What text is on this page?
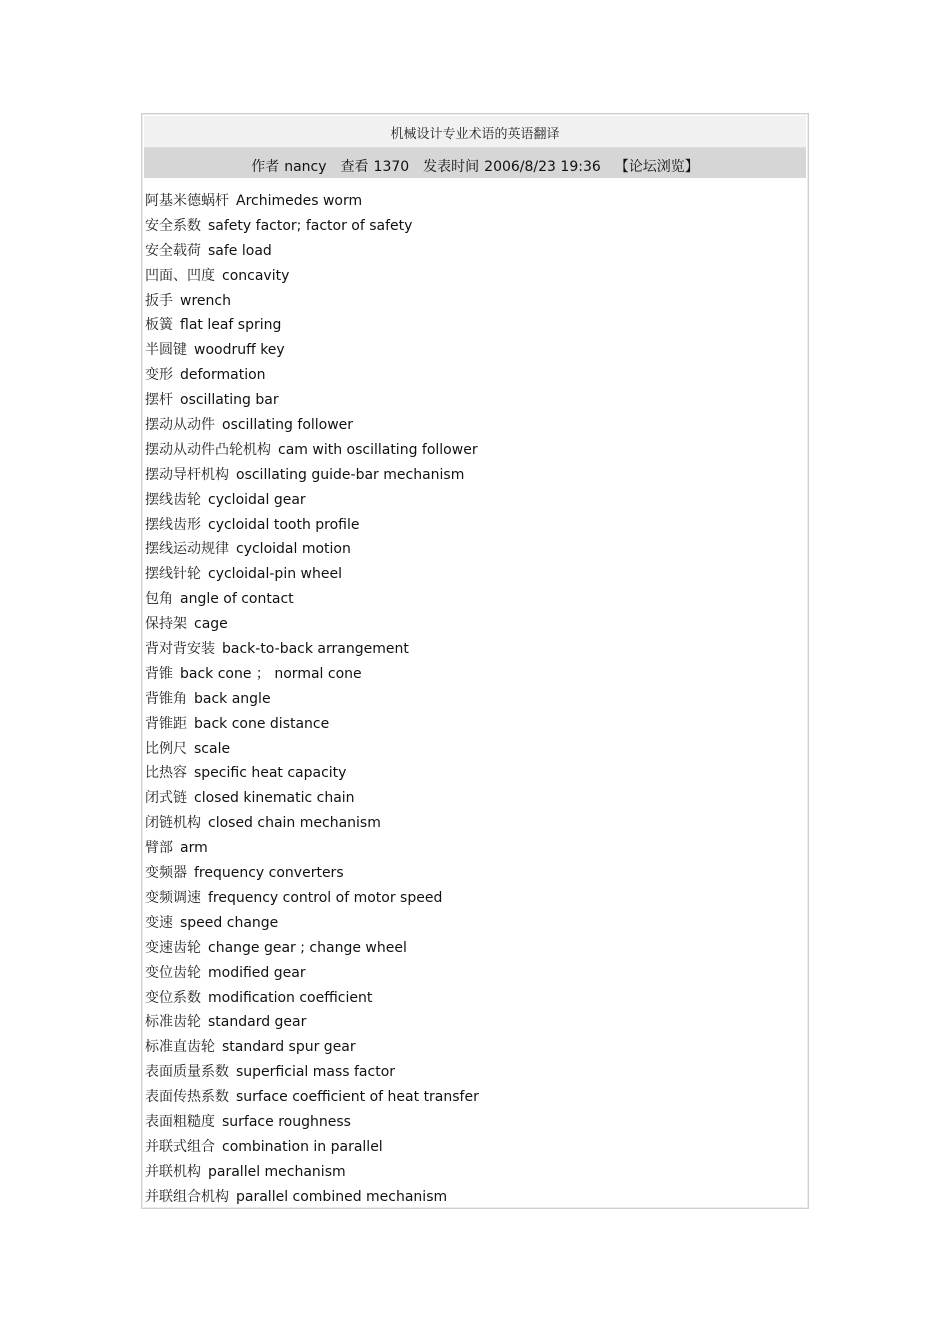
机械设计专业术语的英语翻译
作者 nancy 查看 1370 发表时间 2006/8/23 19:36 【论坛浏览】
阿基米德蜗杆 Archimedes worm
安全系数 safety factor; factor of safety
安全载荷 safe load
凹面、凹度 concavity
扳手 wrench
板簧 flat leaf spring
半圆键 woodruff key
变形 deformation
摆杆 oscillating bar
摆动从动件 oscillating follower
摆动从动件凸轮机构 cam with oscillating follower
摆动导杆机构 oscillating guide-bar mechanism
摆线齿轮 cycloidal gear
摆线齿形 cycloidal tooth profile
摆线运动规律 cycloidal motion
摆线针轮 cycloidal-pin wheel
包角 angle of contact
保持架 cage
背对背安装 back-to-back arrangement
背锥 back cone ； normal cone
背锥角 back angle
背锥距 back cone distance
比例尺 scale
比热容 specific heat capacity
闭式链 closed kinematic chain
闭链机构 closed chain mechanism
臂部 arm
变频器 frequency converters
变频调速 frequency control of motor speed
变速 speed change
变速齿轮 change gear ; change wheel
变位齿轮 modified gear
变位系数 modification coefficient
标准齿轮 standard gear
标准直齿轮 standard spur gear
表面质量系数 superficial mass factor
表面传热系数 surface coefficient of heat transfer
表面粗糙度 surface roughness
并联式组合 combination in parallel
并联机构 parallel mechanism
并联组合机构 parallel combined mechanism
